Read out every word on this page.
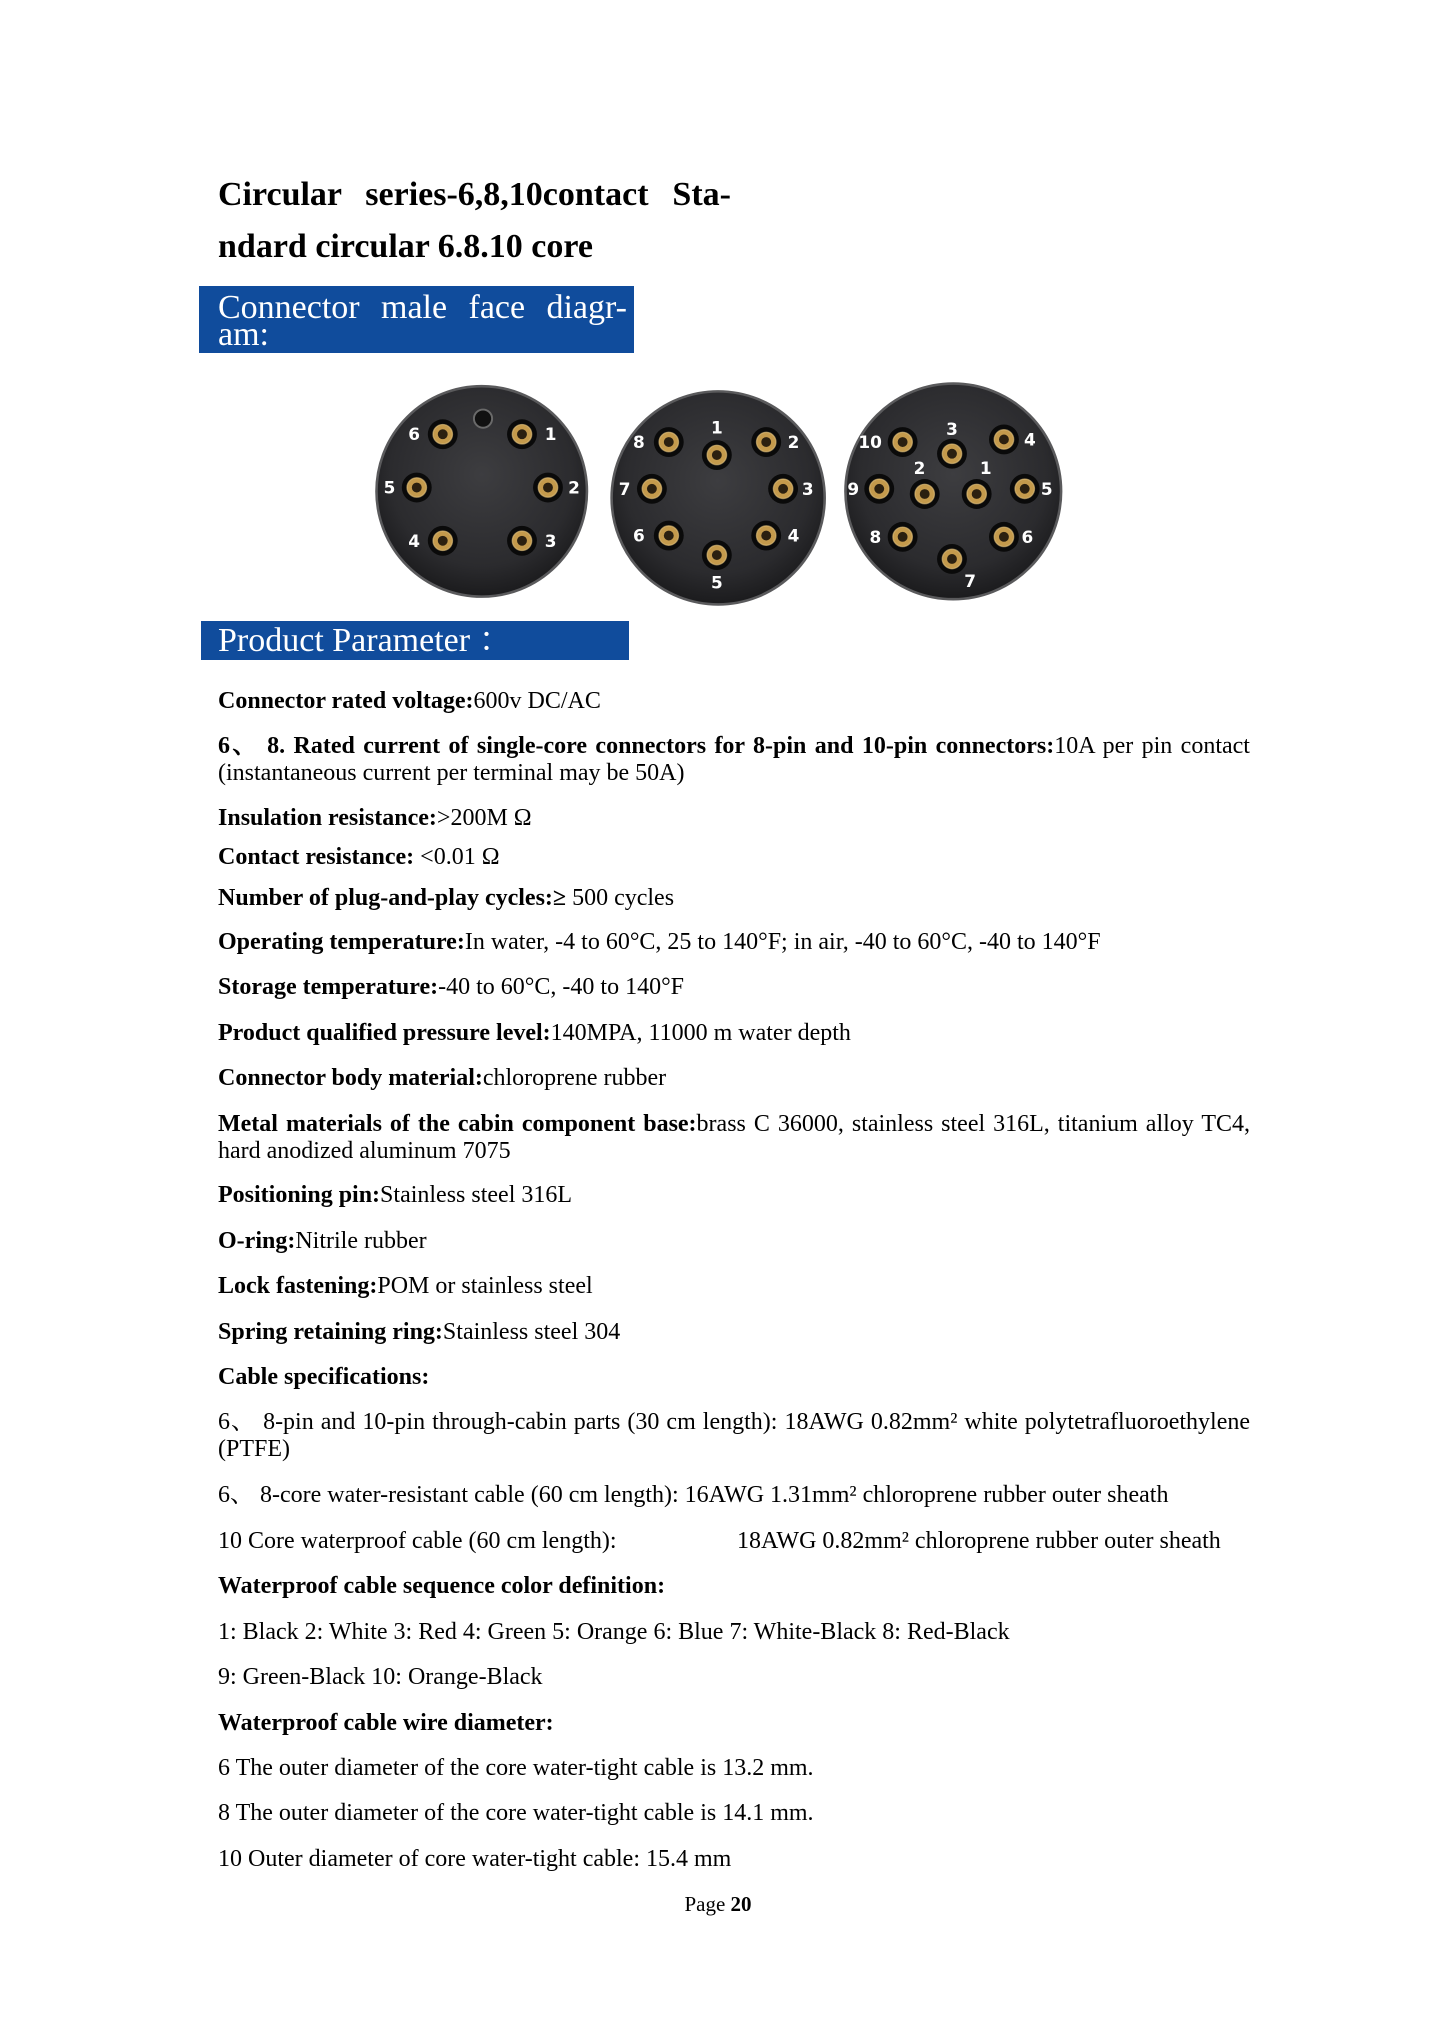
Circular series-6,8,10contact Sta-
ndard circular 6.8.10 core
Connector male face diagr-
am:
1
2
3
4
5
6	1
2
3
4
5
6
7
8
1
2
3
4
5
6
7
8
9
10
Product Parameter ：
Connector rated voltage:600v DC/AC
6、 8. Rated current of single-core connectors for 8-pin and 10-pin connectors:10A per pin contact (instantaneous current per terminal may be 50A)
Insulation resistance:>200M Ω
Contact resistance: <0.01 Ω
Number of plug-and-play cycles:≥ 500 cycles
Operating temperature:In water, -4 to 60°C, 25 to 140°F; in air, -40 to 60°C, -40 to 140°F
Storage temperature:-40 to 60°C, -40 to 140°F
Product qualified pressure level:140MPA, 11000 m water depth
Connector body material:chloroprene rubber
Metal materials of the cabin component base:brass C 36000, stainless steel 316L, titanium alloy TC4, hard anodized aluminum 7075
Positioning pin:Stainless steel 316L
O-ring:Nitrile rubber
Lock fastening:POM or stainless steel
Spring retaining ring:Stainless steel 304
Cable specifications:
6、 8-pin and 10-pin through-cabin parts (30 cm length): 18AWG 0.82mm² white polytetrafluoroethylene (PTFE)
6、 8-core water-resistant cable (60 cm length): 16AWG 1.31mm² chloroprene rubber outer sheath
10 Core waterproof cable (60 cm length):	18AWG 0.82mm² chloroprene rubber outer sheath
Waterproof cable sequence color definition:
1: Black 2: White 3: Red 4: Green 5: Orange 6: Blue 7: White-Black 8: Red-Black
9: Green-Black 10: Orange-Black
Waterproof cable wire diameter:
6 The outer diameter of the core water-tight cable is 13.2 mm.
8 The outer diameter of the core water-tight cable is 14.1 mm.
10 Outer diameter of core water-tight cable: 15.4 mm
Page 20
